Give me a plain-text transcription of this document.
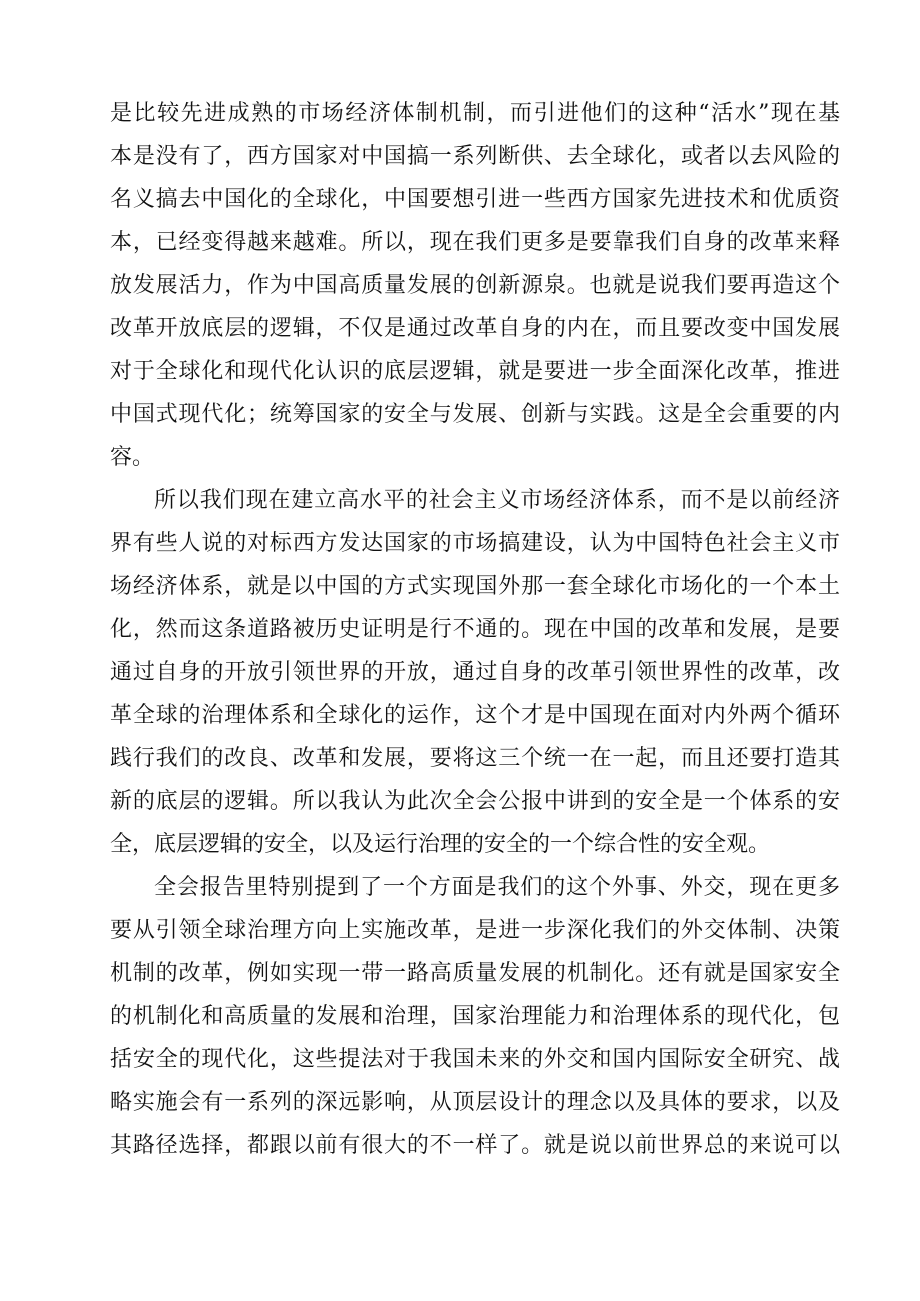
是比较先进成熟的市场经济体制机制，而引进他们的这种“活水”现在基
本是没有了，西方国家对中国搞一系列断供、去全球化，或者以去风险的
名义搞去中国化的全球化，中国要想引进一些西方国家先进技术和优质资
本，已经变得越来越难。所以，现在我们更多是要靠我们自身的改革来释
放发展活力，作为中国高质量发展的创新源泉。也就是说我们要再造这个
改革开放底层的逻辑，不仅是通过改革自身的内在，而且要改变中国发展
对于全球化和现代化认识的底层逻辑，就是要进一步全面深化改革，推进
中国式现代化；统筹国家的安全与发展、创新与实践。这是全会重要的内
容。
所以我们现在建立高水平的社会主义市场经济体系，而不是以前经济
界有些人说的对标西方发达国家的市场搞建设，认为中国特色社会主义市
场经济体系，就是以中国的方式实现国外那一套全球化市场化的一个本土
化，然而这条道路被历史证明是行不通的。现在中国的改革和发展，是要
通过自身的开放引领世界的开放，通过自身的改革引领世界性的改革，改
革全球的治理体系和全球化的运作，这个才是中国现在面对内外两个循环
践行我们的改良、改革和发展，要将这三个统一在一起，而且还要打造其
新的底层的逻辑。所以我认为此次全会公报中讲到的安全是一个体系的安
全，底层逻辑的安全，以及运行治理的安全的一个综合性的安全观。
全会报告里特别提到了一个方面是我们的这个外事、外交，现在更多
要从引领全球治理方向上实施改革，是进一步深化我们的外交体制、决策
机制的改革，例如实现一带一路高质量发展的机制化。还有就是国家安全
的机制化和高质量的发展和治理，国家治理能力和治理体系的现代化，包
括安全的现代化，这些提法对于我国未来的外交和国内国际安全研究、战
略实施会有一系列的深远影响，从顶层设计的理念以及具体的要求，以及
其路径选择，都跟以前有很大的不一样了。就是说以前世界总的来说可以
